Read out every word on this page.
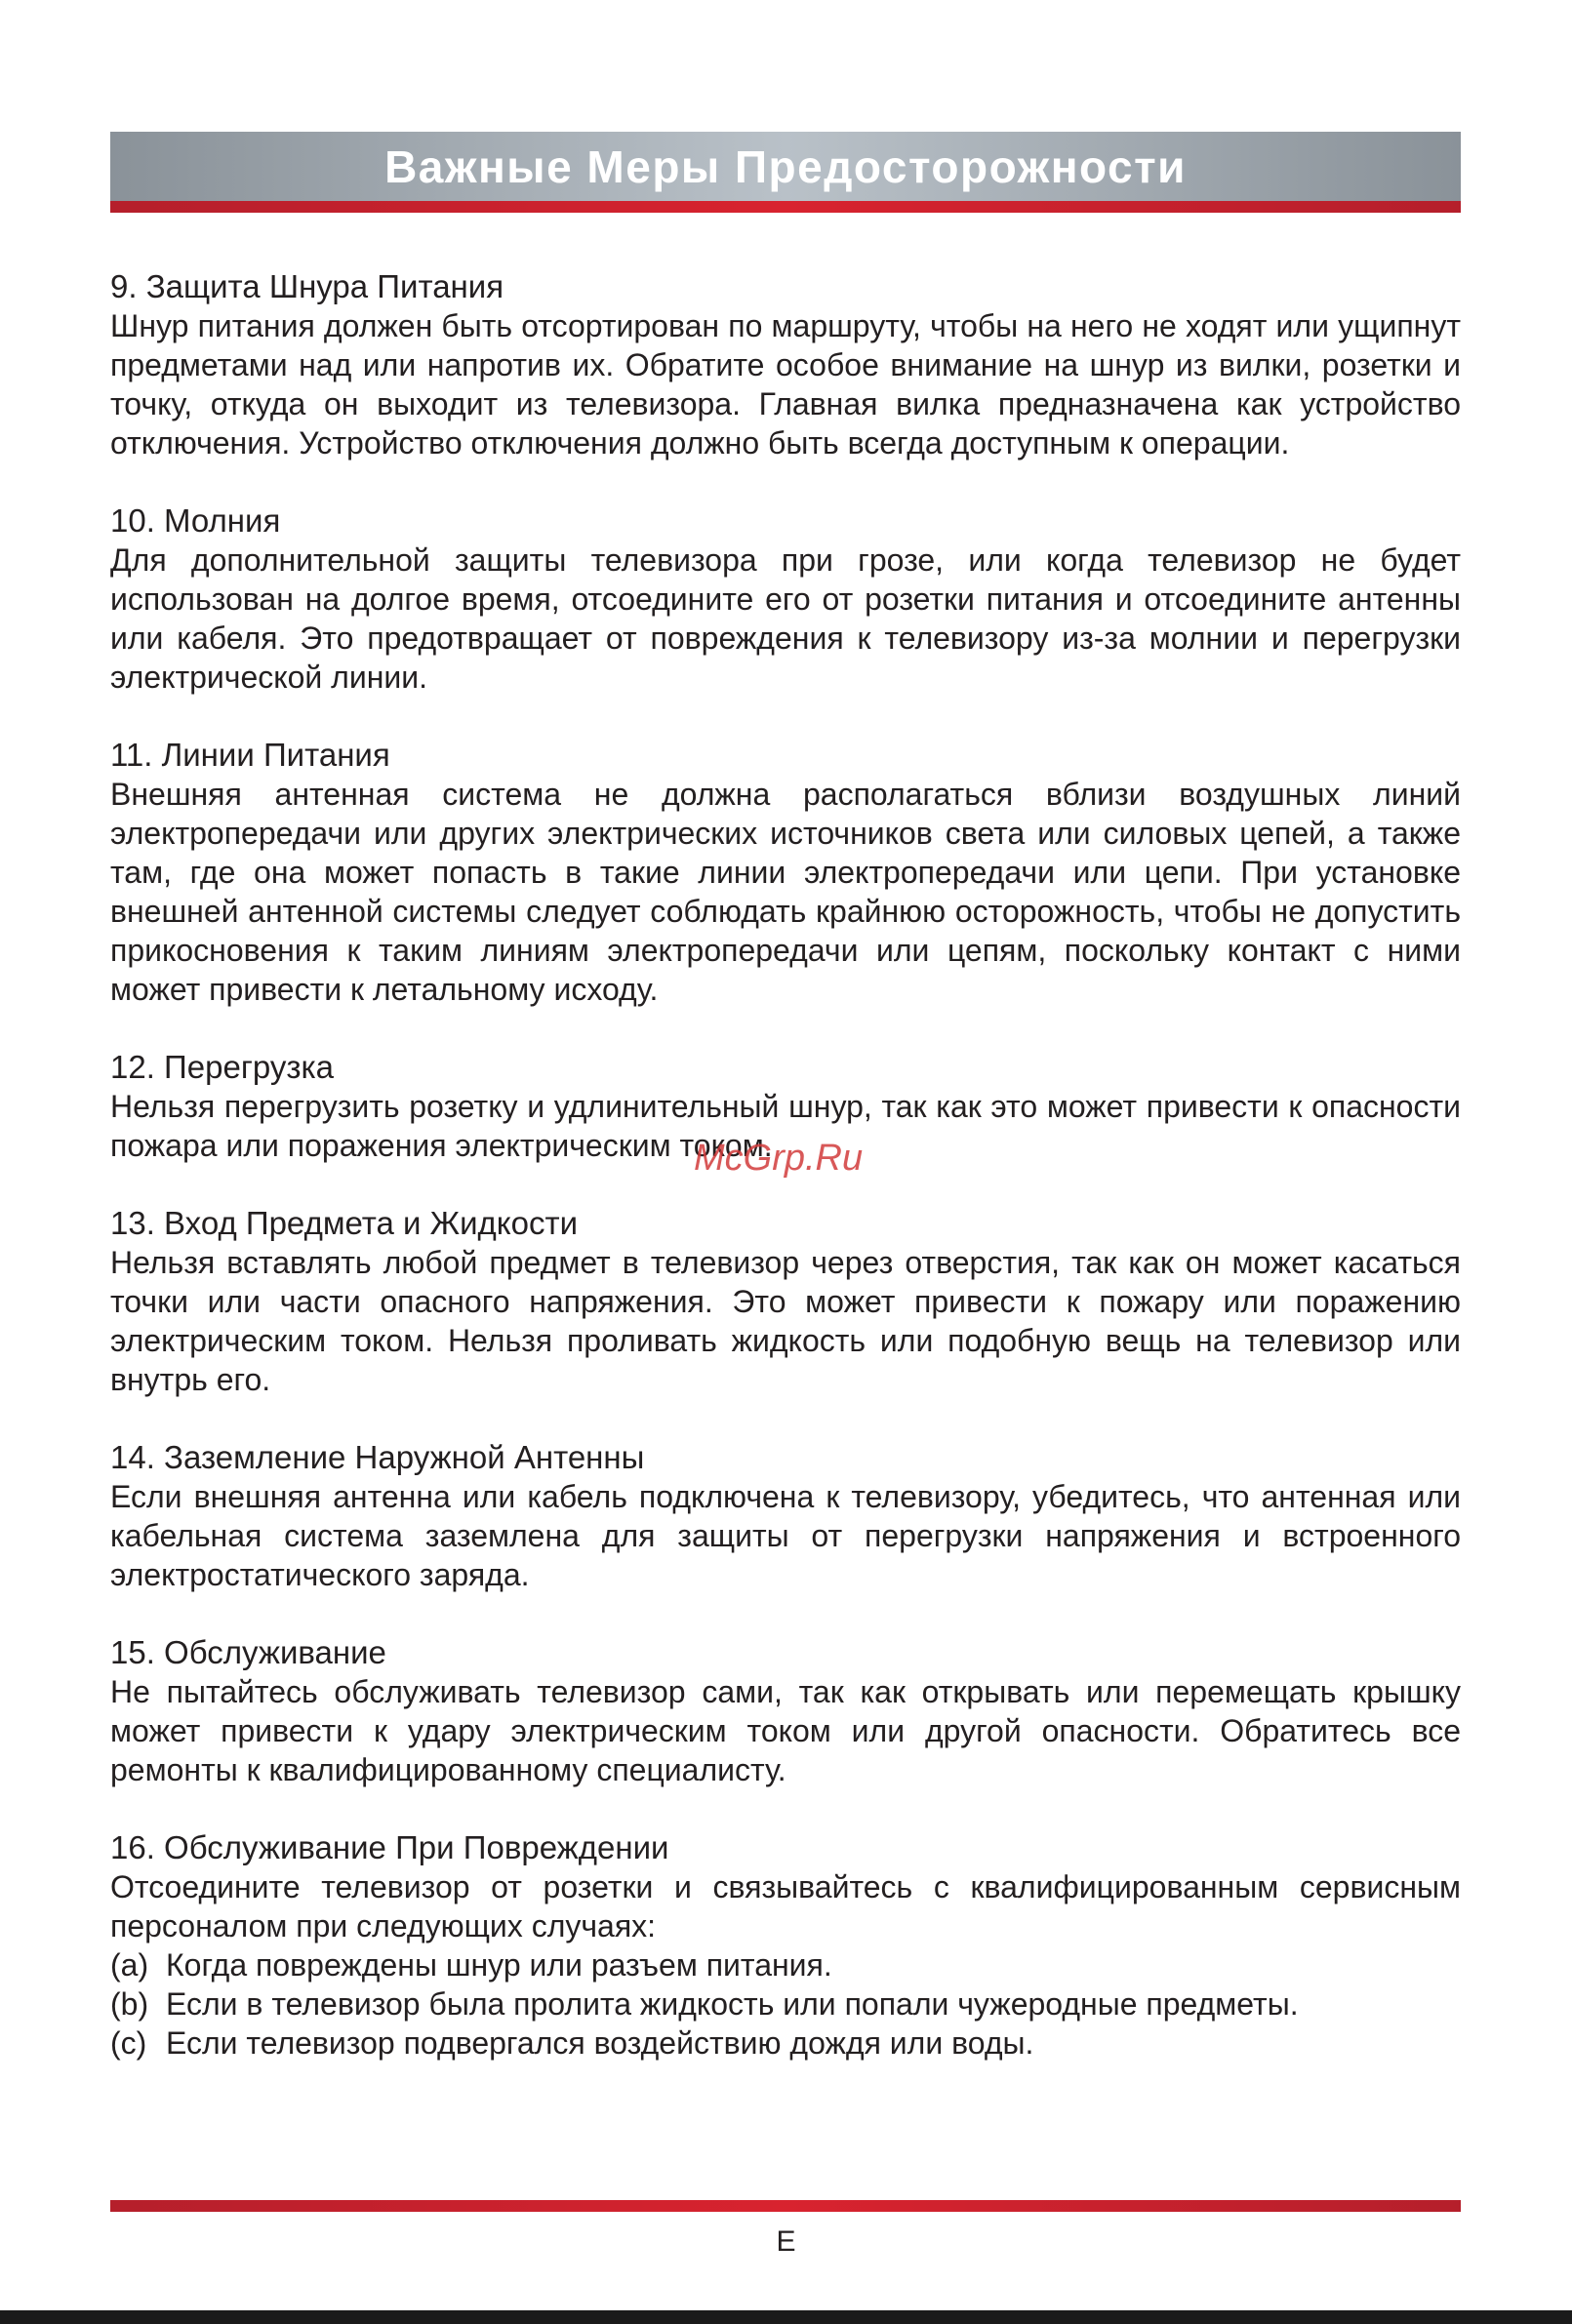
Важные Меры Предосторожности
9. Защита Шнура Питания

Шнур питания должен быть отсортирован по маршруту, чтобы на него не ходят или ущипнут предметами над или напротив их. Обратите особое внимание на шнур из вилки, розетки и точку, откуда он выходит из телевизора. Главная вилка предназначена как устройство отключения. Устройство отключения должно быть всегда доступным к операции.

10. Молния

Для дополнительной защиты телевизора при грозе, или когда телевизор не будет использован на долгое время, отсоедините его от розетки питания и отсоедините антенны или кабеля. Это предотвращает от повреждения к телевизору из-за молнии и перегрузки электрической линии.

11. Линии Питания

Внешняя антенная система не должна располагаться вблизи воздушных линий электропередачи или других электрических источников света или силовых цепей, а также там, где она может попасть в такие линии электропередачи или цепи. При установке внешней антенной системы следует соблюдать крайнюю осторожность, чтобы не допустить прикосновения к таким линиям электропередачи или цепям, поскольку контакт с ними может привести к летальному исходу.

12. Перегрузка

Нельзя перегрузить розетку и удлинительный шнур, так как это может привести к опасности пожара или поражения электрическим током.

13. Вход Предмета и Жидкости

Нельзя вставлять любой предмет в телевизор через отверстия, так как он может касаться точки или части опасного напряжения. Это может привести к пожару или поражению электрическим током. Нельзя проливать жидкость или подобную вещь на телевизор или внутрь его.

14. Заземление Наружной Антенны

Если внешняя антенна или кабель подключена к телевизору, убедитесь, что антенная или кабельная система заземлена для защиты от перегрузки напряжения и встроенного электростатического заряда.

15. Обслуживание

Не пытайтесь обслуживать телевизор сами, так как открывать или перемещать крышку может привести к удару электрическим током или другой опасности. Обратитесь все ремонты к квалифицированному специалисту.

16. Обслуживание При Повреждении

Отсоедините телевизор от розетки и связывайтесь с квалифицированным сервисным персоналом при следующих случаях:

(a) Когда повреждены шнур или разъем питания.
(b) Если в телевизор была пролита жидкость или попали чужеродные предметы.
(c) Если телевизор подвергался воздействию дождя или воды.
McGrp.Ru
E
